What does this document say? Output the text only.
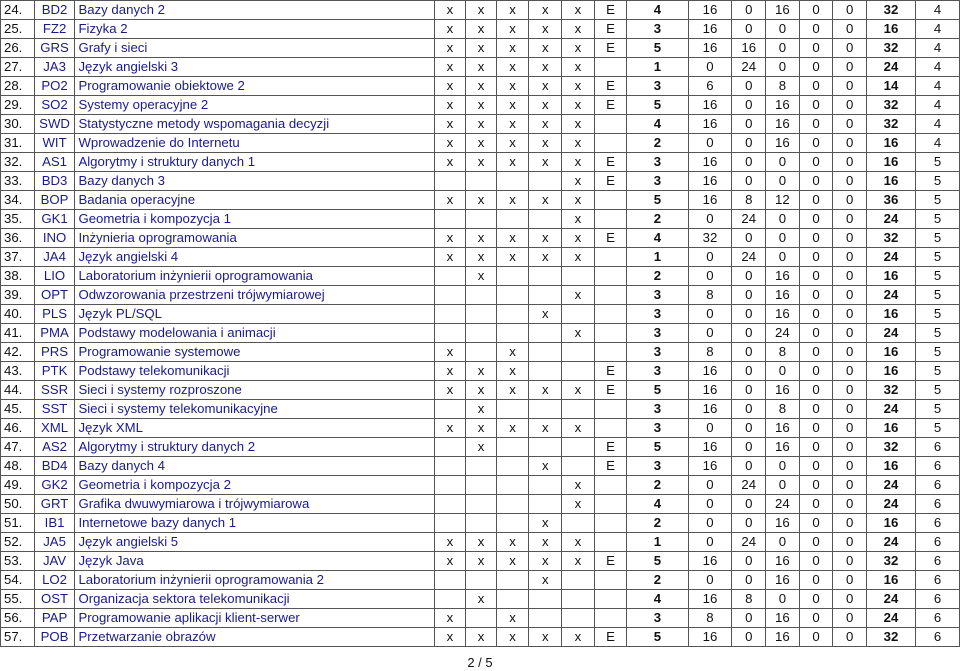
24.	BD2	Bazy danych 2	x	x	x	x	x	E	4	16	0	16	0	0	32	4
25.	FZ2	Fizyka 2	x	x	x	x	x	E	3	16	0	0	0	0	16	4
26.	GRS	Grafy i sieci	x	x	x	x	x	E	5	16	16	0	0	0	32	4
27.	JA3	Język angielski 3	x	x	x	x	x		1	0	24	0	0	0	24	4
28.	PO2	Programowanie obiektowe 2	x	x	x	x	x	E	3	6	0	8	0	0	14	4
29.	SO2	Systemy operacyjne 2	x	x	x	x	x	E	5	16	0	16	0	0	32	4
30.	SWD	Statystyczne metody wspomagania decyzji	x	x	x	x	x		4	16	0	16	0	0	32	4
31.	WIT	Wprowadzenie do Internetu	x	x	x	x	x		2	0	0	16	0	0	16	4
32.	AS1	Algorytmy i struktury danych 1	x	x	x	x	x	E	3	16	0	0	0	0	16	5
33.	BD3	Bazy danych 3					x	E	3	16	0	0	0	0	16	5
34.	BOP	Badania operacyjne	x	x	x	x	x		5	16	8	12	0	0	36	5
35.	GK1	Geometria i kompozycja 1					x		2	0	24	0	0	0	24	5
36.	INO	Inżynieria oprogramowania	x	x	x	x	x	E	4	32	0	0	0	0	32	5
37.	JA4	Język angielski 4	x	x	x	x	x		1	0	24	0	0	0	24	5
38.	LIO	Laboratorium inżynierii oprogramowania		x					2	0	0	16	0	0	16	5
39.	OPT	Odwzorowania przestrzeni trójwymiarowej					x		3	8	0	16	0	0	24	5
40.	PLS	Język PL/SQL				x			3	0	0	16	0	0	16	5
41.	PMA	Podstawy modelowania i animacji					x		3	0	0	24	0	0	24	5
42.	PRS	Programowanie systemowe	x		x				3	8	0	8	0	0	16	5
43.	PTK	Podstawy telekomunikacji	x	x	x			E	3	16	0	0	0	0	16	5
44.	SSR	Sieci i systemy rozproszone	x	x	x	x	x	E	5	16	0	16	0	0	32	5
45.	SST	Sieci i systemy telekomunikacyjne		x					3	16	0	8	0	0	24	5
46.	XML	Język XML	x	x	x	x	x		3	0	0	16	0	0	16	5
47.	AS2	Algorytmy i struktury danych 2		x				E	5	16	0	16	0	0	32	6
48.	BD4	Bazy danych 4				x		E	3	16	0	0	0	0	16	6
49.	GK2	Geometria i kompozycja 2					x		2	0	24	0	0	0	24	6
50.	GRT	Grafika dwuwymiarowa i trójwymiarowa					x		4	0	0	24	0	0	24	6
51.	IB1	Internetowe bazy danych 1				x			2	0	0	16	0	0	16	6
52.	JA5	Język angielski 5	x	x	x	x	x		1	0	24	0	0	0	24	6
53.	JAV	Język Java	x	x	x	x	x	E	5	16	0	16	0	0	32	6
54.	LO2	Laboratorium inżynierii oprogramowania 2				x			2	0	0	16	0	0	16	6
55.	OST	Organizacja sektora telekomunikacji		x					4	16	8	0	0	0	24	6
56.	PAP	Programowanie aplikacji klient-serwer	x		x				3	8	0	16	0	0	24	6
57.	POB	Przetwarzanie obrazów	x	x	x	x	x	E	5	16	0	16	0	0	32	6
2 / 5
